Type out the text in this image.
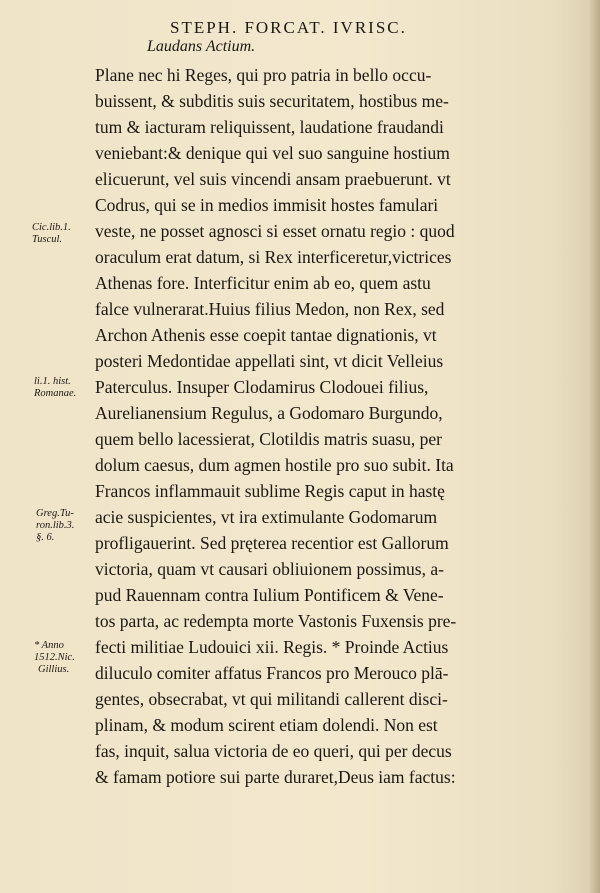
STEPH. FORCAT. IVRISC.
Laudans Actium.
Plane nec hi Reges, qui pro patria in bello occu-
buissent, & subditis suis securitatem, hostibus me-
tum & iacturam reliquissent, laudatione fraudandi
veniebant:& denique qui vel suo sanguine hostium
elicuerunt, vel suis vincendi ansam praebuerunt. vt
Codrus, qui se in medios immisit hostes famulari
veste, ne posset agnosci si esset ornatu regio : quod
oraculum erat datum, si Rex interficeretur,victrices
Athenas fore. Interficitur enim ab eo, quem astu
falce vulnerarat.Huius filius Medon, non Rex, sed
Archon Athenis esse coepit tantae dignationis, vt
posteri Medontidae appellati sint, vt dicit Velleius
Paterculus. Insuper Clodamirus Clodouei filius,
Aurelianensium Regulus, a Godomaro Burgundo,
quem bello lacessierat, Clotildis matris suasu, per
dolum caesus, dum agmen hostile pro suo subit. Ita
Francos inflammauit sublime Regis caput in hastę
acie suspicientes, vt ira extimulante Godomarum
profligauerint. Sed pręterea recentior est Gallorum
victoria, quam vt causari obliuionem possimus, a-
pud Rauennam contra Iulium Pontificem & Vene-
tos parta, ac redempta morte Vastonis Fuxensis pre-
fecti militiae Ludouici xii. Regis. * Proinde Actius
diluculo comiter affatus Francos pro Merouco plā-
gentes, obsecrabat, vt qui militandi callerent disci-
plinam, & modum scirent etiam dolendi. Non est
fas, inquit, salua victoria de eo queri, qui per decus
& famam potiore sui parte duraret,Deus iam factus:
Cic.lib.1.
Tuscul.
li.1. hist.
Romanae.
Greg.Tu-
ron.lib.3.
§. 6.
* Anno
1512.Nic.
Gillius.
